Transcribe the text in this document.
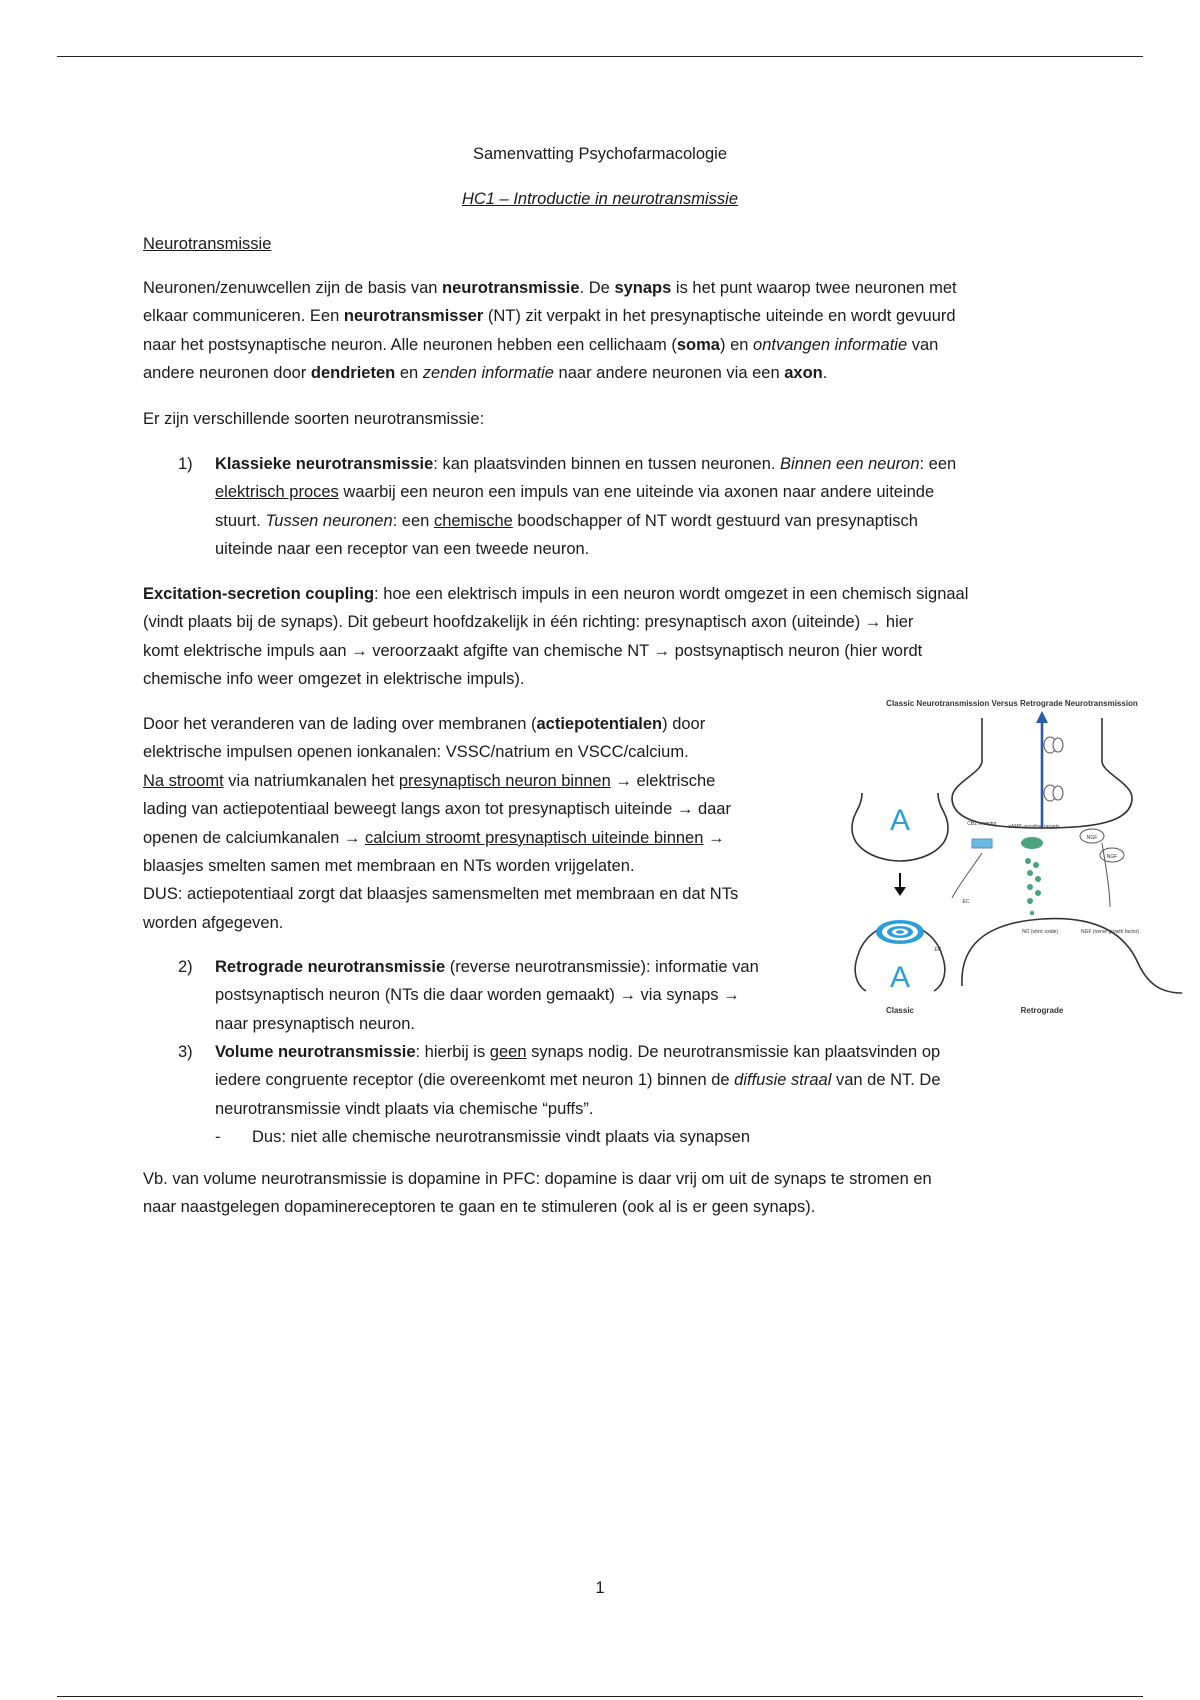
Samenvatting Psychofarmacologie
HC1 – Introductie in neurotransmissie
Neurotransmissie
Neuronen/zenuwcellen zijn de basis van neurotransmissie. De synaps is het punt waarop twee neuronen met
elkaar communiceren. Een neurotransmisser (NT) zit verpakt in het presynaptische uiteinde en wordt gevuurd
naar het postsynaptische neuron. Alle neuronen hebben een cellichaam (soma) en ontvangen informatie van
andere neuronen door dendrieten en zenden informatie naar andere neuronen via een axon.
Er zijn verschillende soorten neurotransmissie:
1) Klassieke neurotransmissie: kan plaatsvinden binnen en tussen neuronen. Binnen een neuron: een
elektrisch proces waarbij een neuron een impuls van ene uiteinde via axonen naar andere uiteinde
stuurt. Tussen neuronen: een chemische boodschapper of NT wordt gestuurd van presynaptisch
uiteinde naar een receptor van een tweede neuron.
Excitation-secretion coupling: hoe een elektrisch impuls in een neuron wordt omgezet in een chemisch signaal
(vindt plaats bij de synaps). Dit gebeurt hoofdzakelijk in één richting: presynaptisch axon (uiteinde) → hier
komt elektrische impuls aan → veroorzaakt afgifte van chemische NT → postsynaptisch neuron (hier wordt
chemische info weer omgezet in elektrische impuls).
Door het veranderen van de lading over membranen (actiepotentialen) door
elektrische impulsen openen ionkanalen: VSSC/natrium en VSCC/calcium.
Na stroomt via natriumkanalen het presynaptisch neuron binnen → elektrische
lading van actiepotentiaal beweegt langs axon tot presynaptisch uiteinde → daar
openen de calciumkanalen → calcium stroomt presynaptisch uiteinde binnen →
blaasjes smelten samen met membraan en NTs worden vrijgelaten.
DUS: actiepotentiaal zorgt dat blaasjes samensmelten met membraan en dat NTs
worden afgegeven.
2) Retrograde neurotransmissie (reverse neurotransmissie): informatie van
postsynaptisch neuron (NTs die daar worden gemaakt) → via synaps →
naar presynaptisch neuron.
3) Volume neurotransmissie: hierbij is geen synaps nodig. De neurotransmissie kan plaatsvinden op
iedere congruente receptor (die overeenkomt met neuron 1) binnen de diffusie straal van de NT. De
neurotransmissie vindt plaats via chemische “puffs”.
- Dus: niet alle chemische neurotransmissie vindt plaats via synapsen
Vb. van volume neurotransmissie is dopamine in PFC: dopamine is daar vrij om uit de synaps te stromen en
naar naastgelegen dopaminereceptoren te gaan en te stimuleren (ook al is er geen synaps).
Classic Neurotransmission Versus Retrograde Neurotransmission
A
A
Classic
cAMP-sensitive targets
CB1 receptor
NGF
NGF
EC
EC
NO (nitric oxide)	NGF (nerve growth factor)
Retrograde
1
